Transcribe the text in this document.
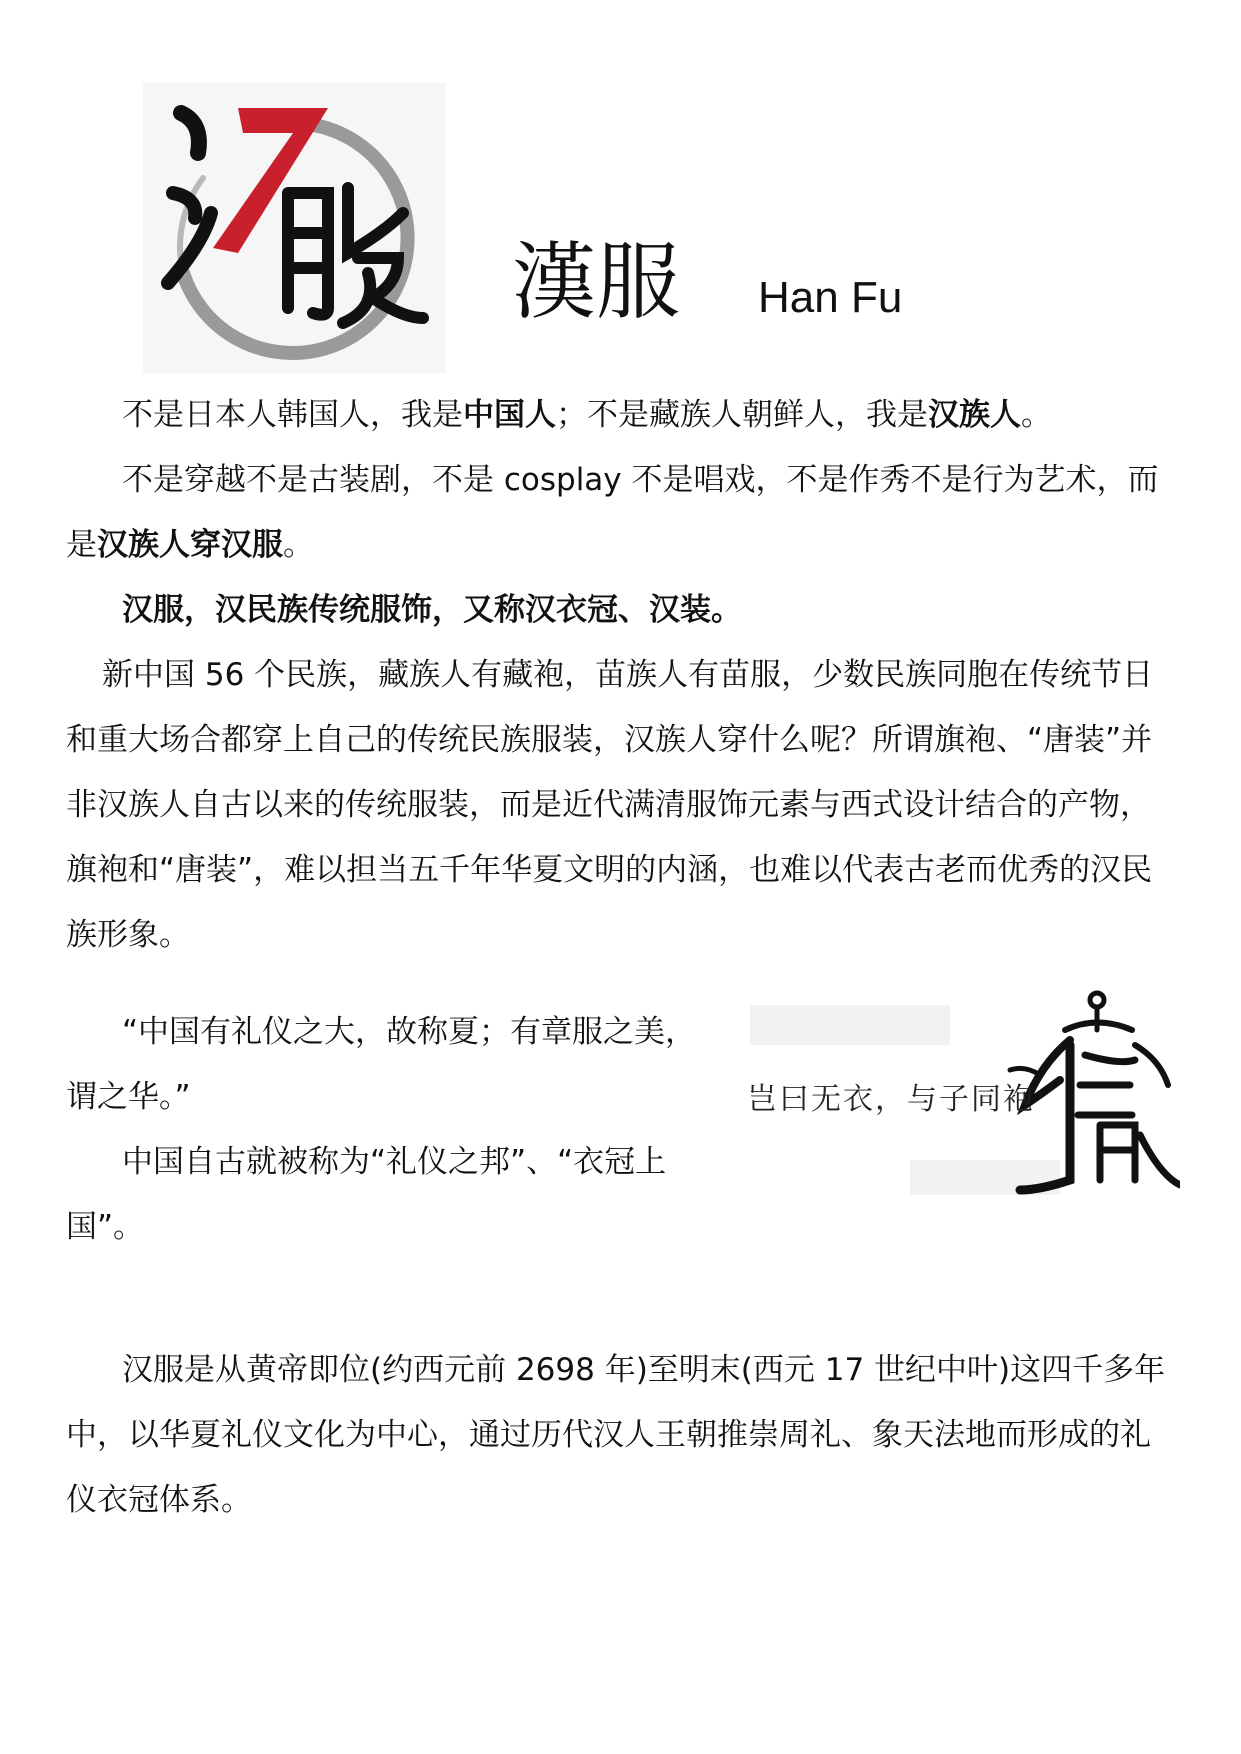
漢服 Han Fu

不是日本人韩国人，我是中国人；不是藏族人朝鲜人，我是汉族人。

不是穿越不是古装剧，不是 cosplay 不是唱戏，不是作秀不是行为艺术，而是汉族人穿汉服。

汉服，汉民族传统服饰，又称汉衣冠、汉装。

新中国 56 个民族，藏族人有藏袍，苗族人有苗服，少数民族同胞在传统节日和重大场合都穿上自己的传统民族服装，汉族人穿什么呢？所谓旗袍、“唐装”并非汉族人自古以来的传统服装，而是近代满清服饰元素与西式设计结合的产物，旗袍和“唐装”，难以担当五千年华夏文明的内涵，也难以代表古老而优秀的汉民族形象。

“中国有礼仪之大，故称夏；有章服之美，谓之华。”

中国自古就被称为“礼仪之邦”、“衣冠上国”。

岂曰无衣，与子同袍

汉服是从黄帝即位(约西元前 2698 年)至明末(西元 17 世纪中叶)这四千多年中，以华夏礼仪文化为中心，通过历代汉人王朝推崇周礼、象天法地而形成的礼仪衣冠体系。
